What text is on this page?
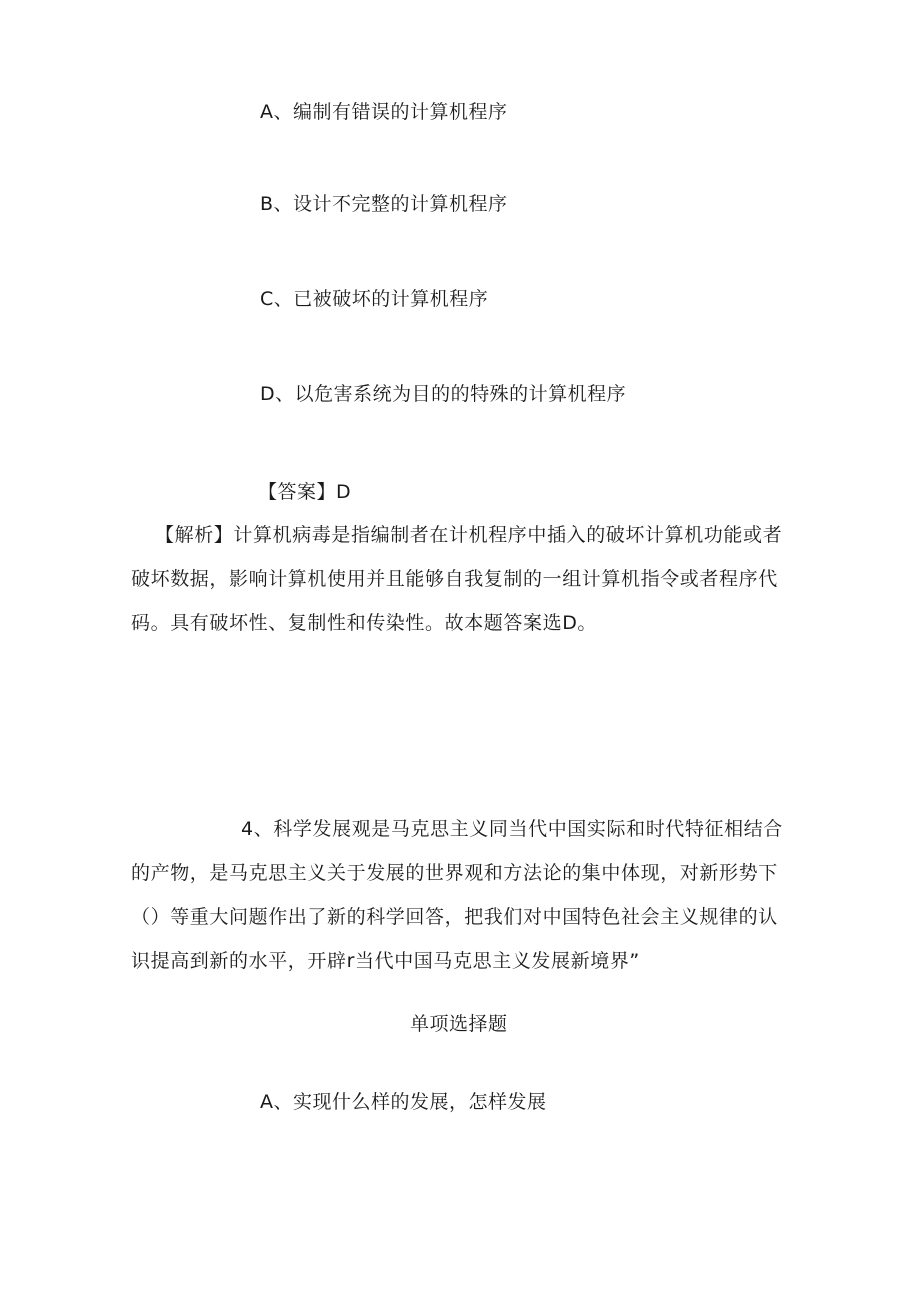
A、编制有错误的计算机程序
B、设计不完整的计算机程序
C、已被破坏的计算机程序
D、以危害系统为目的的特殊的计算机程序
【答案】D
【解析】计算机病毒是指编制者在计机程序中插入的破坏计算机功能或者破坏数据，影响计算机使用并且能够自我复制的一组计算机指令或者程序代码。具有破坏性、复制性和传染性。故本题答案选D。
4、科学发展观是马克思主义同当代中国实际和时代特征相结合的产物，是马克思主义关于发展的世界观和方法论的集中体现，对新形势下（）等重大问题作出了新的科学回答，把我们对中国特色社会主义规律的认识提高到新的水平，开辟r当代中国马克思主义发展新境界”
单项选择题
A、实现什么样的发展，怎样发展
